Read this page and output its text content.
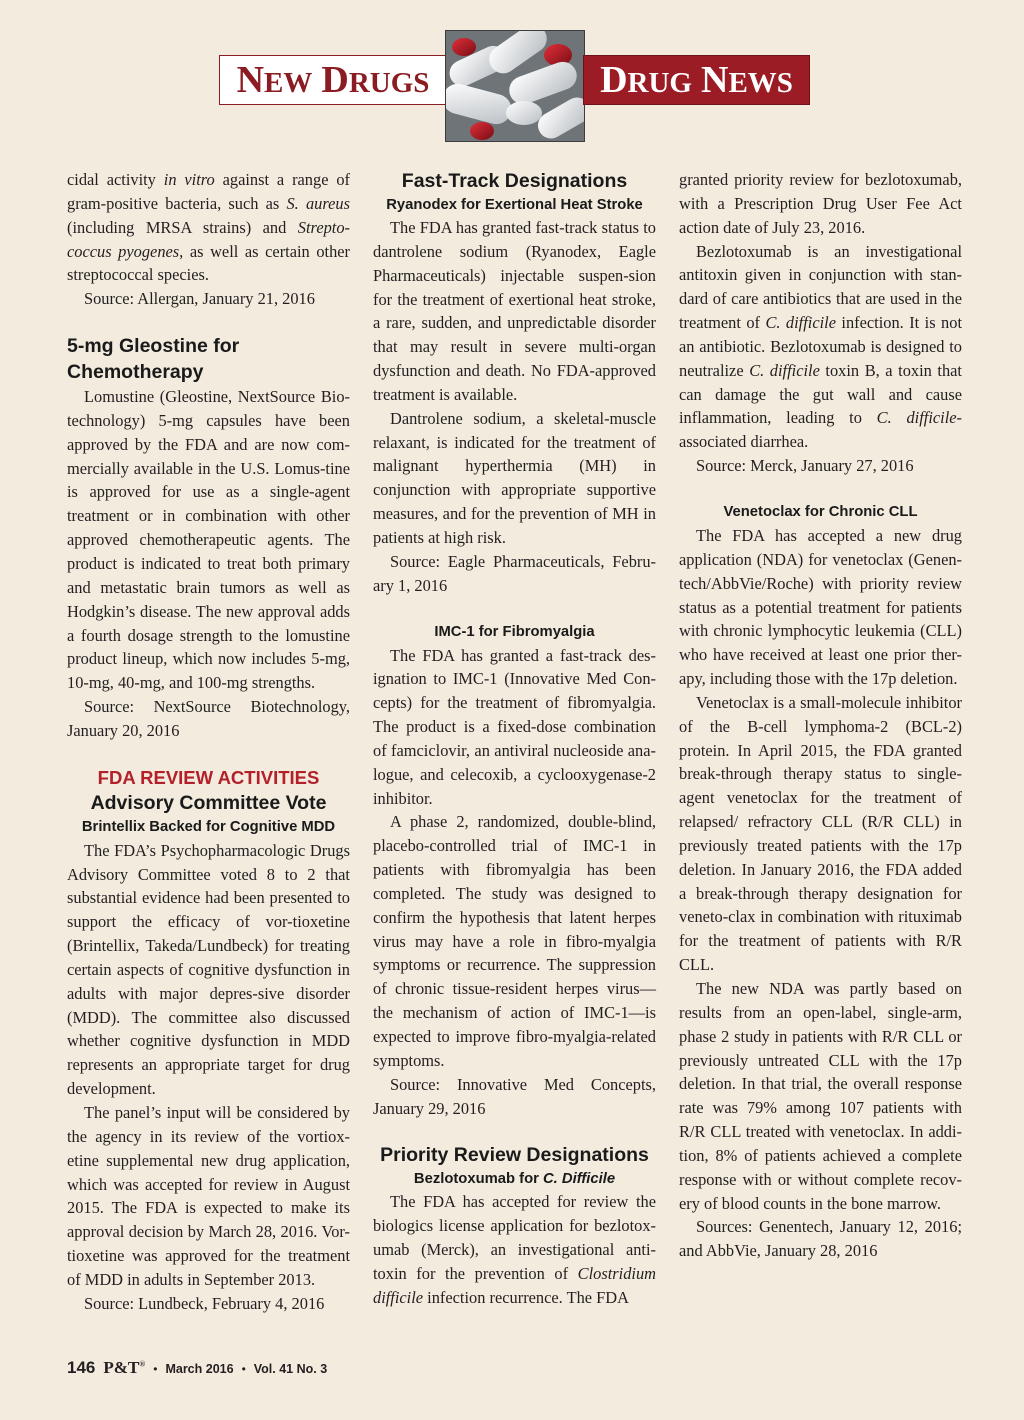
NEW DRUGS	DRUG NEWS

cidal activity in vitro against a range of gram-positive bacteria, such as S. aureus (including MRSA strains) and Strepto-coccus pyogenes, as well as certain other streptococcal species.

Source: Allergan, January 21, 2016

5-mg Gleostine for Chemotherapy

Lomustine (Gleostine, NextSource Bio-technology) 5-mg capsules have been approved by the FDA and are now com-mercially available in the U.S. Lomus-tine is approved for use as a single-agent treatment or in combination with other approved chemotherapeutic agents. The product is indicated to treat both primary and metastatic brain tumors as well as Hodgkin’s disease. The new approval adds a fourth dosage strength to the lomustine product lineup, which now includes 5-mg, 10-mg, 40-mg, and 100-mg strengths.

Source: NextSource Biotechnology, January 20, 2016

FDA REVIEW ACTIVITIES
Advisory Committee Vote
Brintellix Backed for Cognitive MDD

The FDA’s Psychopharmacologic Drugs Advisory Committee voted 8 to 2 that substantial evidence had been presented to support the efficacy of vor-tioxetine (Brintellix, Takeda/Lundbeck) for treating certain aspects of cognitive dysfunction in adults with major depres-sive disorder (MDD). The committee also discussed whether cognitive dysfunction in MDD represents an appropriate target for drug development.

The panel’s input will be considered by the agency in its review of the vortiox-etine supplemental new drug application, which was accepted for review in August 2015. The FDA is expected to make its approval decision by March 28, 2016. Vor-tioxetine was approved for the treatment of MDD in adults in September 2013.

Source: Lundbeck, February 4, 2016

Fast-Track Designations
Ryanodex for Exertional Heat Stroke

The FDA has granted fast-track status to dantrolene sodium (Ryanodex, Eagle Pharmaceuticals) injectable suspen-sion for the treatment of exertional heat stroke, a rare, sudden, and unpredictable disorder that may result in severe multi-organ dysfunction and death. No FDA-approved treatment is available.

Dantrolene sodium, a skeletal-muscle relaxant, is indicated for the treatment of malignant hyperthermia (MH) in conjunction with appropriate supportive measures, and for the prevention of MH in patients at high risk.

Source: Eagle Pharmaceuticals, Febru-ary 1, 2016

IMC-1 for Fibromyalgia

The FDA has granted a fast-track des-ignation to IMC-1 (Innovative Med Con-cepts) for the treatment of fibromyalgia. The product is a fixed-dose combination of famciclovir, an antiviral nucleoside ana-logue, and celecoxib, a cyclooxygenase-2 inhibitor.

A phase 2, randomized, double-blind, placebo-controlled trial of IMC-1 in patients with fibromyalgia has been completed. The study was designed to confirm the hypothesis that latent herpes virus may have a role in fibro-myalgia symptoms or recurrence. The suppression of chronic tissue-resident herpes virus—the mechanism of action of IMC-1—is expected to improve fibro-myalgia-related symptoms.

Source: Innovative Med Concepts, January 29, 2016

Priority Review Designations
Bezlotoxumab for C. Difficile

The FDA has accepted for review the biologics license application for bezlotox-umab (Merck), an investigational anti-toxin for the prevention of Clostridium difficile infection recurrence. The FDA

granted priority review for bezlotoxumab, with a Prescription Drug User Fee Act action date of July 23, 2016.

Bezlotoxumab is an investigational antitoxin given in conjunction with stan-dard of care antibiotics that are used in the treatment of C. difficile infection. It is not an antibiotic. Bezlotoxumab is designed to neutralize C. difficile toxin B, a toxin that can damage the gut wall and cause inflammation, leading to C. difficile-associated diarrhea.

Source: Merck, January 27, 2016

Venetoclax for Chronic CLL

The FDA has accepted a new drug application (NDA) for venetoclax (Genen-tech/AbbVie/Roche) with priority review status as a potential treatment for patients with chronic lymphocytic leukemia (CLL) who have received at least one prior ther-apy, including those with the 17p deletion.

Venetoclax is a small-molecule inhibitor of the B-cell lymphoma-2 (BCL-2) protein. In April 2015, the FDA granted break-through therapy status to single-agent venetoclax for the treatment of relapsed/ refractory CLL (R/R CLL) in previously treated patients with the 17p deletion. In January 2016, the FDA added a break-through therapy designation for veneto-clax in combination with rituximab for the treatment of patients with R/R CLL.

The new NDA was partly based on results from an open-label, single-arm, phase 2 study in patients with R/R CLL or previously untreated CLL with the 17p deletion. In that trial, the overall response rate was 79% among 107 patients with R/R CLL treated with venetoclax. In addi-tion, 8% of patients achieved a complete response with or without complete recov-ery of blood counts in the bone marrow.

Sources: Genentech, January 12, 2016; and AbbVie, January 28, 2016

146 P&T® • March 2016 • Vol. 41 No. 3
